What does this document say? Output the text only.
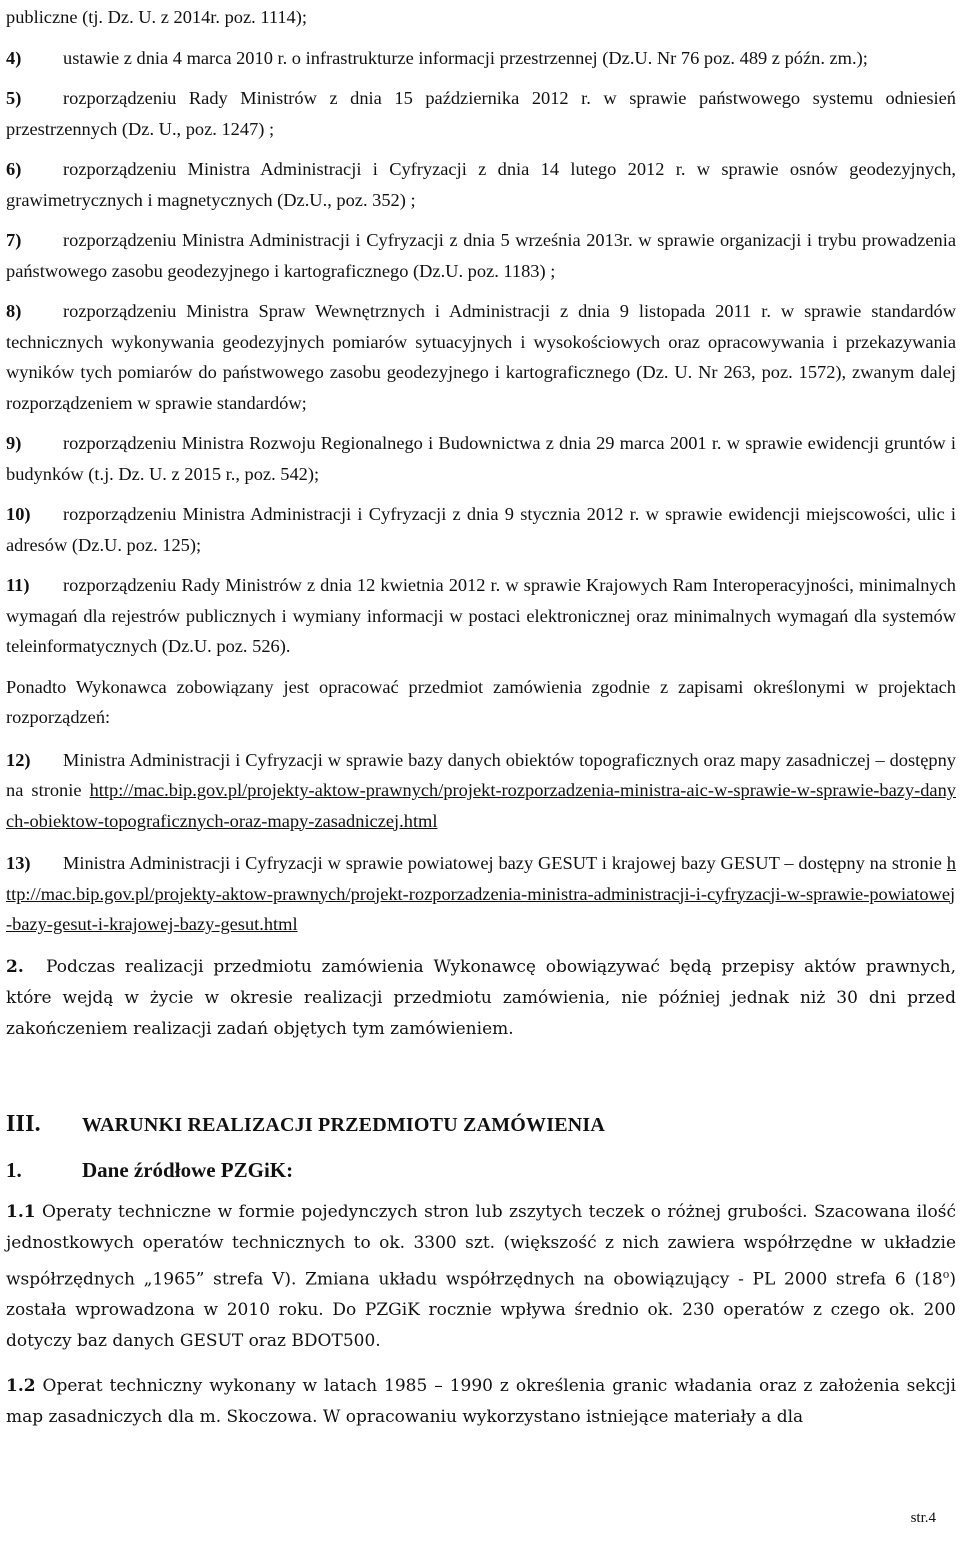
publiczne (tj. Dz. U. z 2014r. poz. 1114);

4) ustawie z dnia 4 marca 2010 r. o infrastrukturze informacji przestrzennej (Dz.U. Nr 76 poz. 489 z późn. zm.);

5) rozporządzeniu Rady Ministrów z dnia 15 października 2012 r. w sprawie państwowego systemu odniesień przestrzennych (Dz. U., poz. 1247) ;

6) rozporządzeniu Ministra Administracji i Cyfryzacji z dnia 14 lutego 2012 r. w sprawie osnów geodezyjnych, grawimetrycznych i magnetycznych (Dz.U., poz. 352) ;

7) rozporządzeniu Ministra Administracji i Cyfryzacji z dnia 5 września 2013r. w sprawie organizacji i trybu prowadzenia państwowego zasobu geodezyjnego i kartograficznego (Dz.U. poz. 1183) ;

8) rozporządzeniu Ministra Spraw Wewnętrznych i Administracji z dnia 9 listopada 2011 r. w sprawie standardów technicznych wykonywania geodezyjnych pomiarów sytuacyjnych i wysokościowych oraz opracowywania i przekazywania wyników tych pomiarów do państwowego zasobu geodezyjnego i kartograficznego (Dz. U. Nr 263, poz. 1572), zwanym dalej rozporządzeniem w sprawie standardów;

9) rozporządzeniu Ministra Rozwoju Regionalnego i Budownictwa z dnia 29 marca 2001 r. w sprawie ewidencji gruntów i budynków (t.j. Dz. U. z 2015 r., poz. 542);

10) rozporządzeniu Ministra Administracji i Cyfryzacji z dnia 9 stycznia 2012 r. w sprawie ewidencji miejscowości, ulic i adresów (Dz.U. poz. 125);

11) rozporządzeniu Rady Ministrów z dnia 12 kwietnia 2012 r. w sprawie Krajowych Ram Interoperacyjności, minimalnych wymagań dla rejestrów publicznych i wymiany informacji w postaci elektronicznej oraz minimalnych wymagań dla systemów teleinformatycznych (Dz.U. poz. 526).

Ponadto Wykonawca zobowiązany jest opracować przedmiot zamówienia zgodnie z zapisami określonymi w projektach rozporządzeń:

12) Ministra Administracji i Cyfryzacji w sprawie bazy danych obiektów topograficznych oraz mapy zasadniczej – dostępny na stronie http://mac.bip.gov.pl/projekty-aktow-prawnych/projekt-rozporzadzenia-ministra-aic-w-sprawie-w-sprawie-bazy-danych-obiektow-topograficznych-oraz-mapy-zasadniczej.html

13) Ministra Administracji i Cyfryzacji w sprawie powiatowej bazy GESUT i krajowej bazy GESUT – dostępny na stronie http://mac.bip.gov.pl/projekty-aktow-prawnych/projekt-rozporzadzenia-ministra-administracji-i-cyfryzacji-w-sprawie-powiatowej-bazy-gesut-i-krajowej-bazy-gesut.html

2. Podczas realizacji przedmiotu zamówienia Wykonawcę obowiązywać będą przepisy aktów prawnych, które wejdą w życie w okresie realizacji przedmiotu zamówienia, nie później jednak niż 30 dni przed zakończeniem realizacji zadań objętych tym zamówieniem.

III. WARUNKI REALIZACJI PRZEDMIOTU ZAMÓWIENIA
1.	Dane źródłowe PZGiK:

1.1 Operaty techniczne w formie pojedynczych stron lub zszytych teczek o różnej grubości. Szacowana ilość jednostkowych operatów technicznych to ok. 3300 szt. (większość z nich zawiera współrzędne w układzie współrzędnych „1965” strefa V). Zmiana układu współrzędnych na obowiązujący - PL 2000 strefa 6 (18$^o$) została wprowadzona w 2010 roku. Do PZGiK rocznie wpływa średnio ok. 230 operatów z czego ok. 200 dotyczy baz danych GESUT oraz BDOT500.

1.2 Operat techniczny wykonany w latach 1985 – 1990 z określenia granic władania oraz z założenia sekcji map zasadniczych dla m. Skoczowa. W opracowaniu wykorzystano istniejące materiały a dla

str.4
